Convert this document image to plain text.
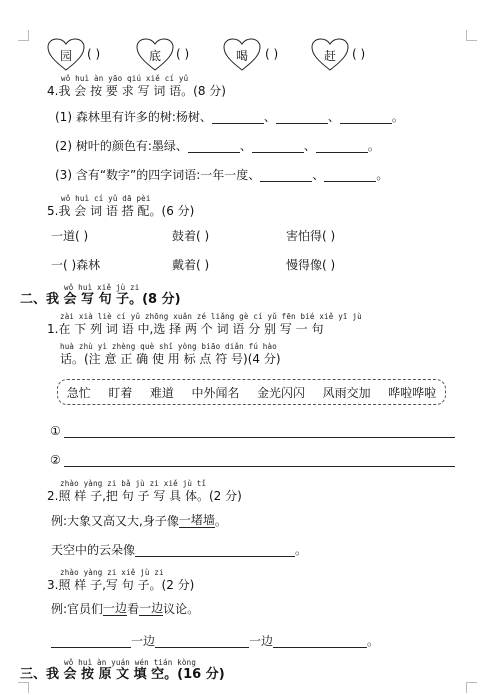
园	( )	底	( )	喝	( )	赶	( )
wǒ huì àn yāo qiú xiě cí yǔ
4.我 会 按 要 求 写 词 语。(8 分)
(1) 森林里有许多的树:杨树、	、	、	。
(2) 树叶的颜色有:墨绿、	、	、	。
(3) 含有“数字”的四字词语:一年一度、	、	。
wǒ huì cí yǔ dā pèi
5.我 会 词 语 搭 配。(6 分)
一道( )	鼓着( )	害怕得( )
一( )森林	戴着( )	慢得像( )
wǒ huì xiě jù zi
二、我 会 写 句 子。(8 分)
zài xià liè cí yǔ zhōng xuǎn zé liǎng gè cí yǔ fēn bié xiě yī jù
1.在 下 列 词 语 中,选 择 两 个 词 语 分 别 写 一 句
huà zhù yì zhèng què shǐ yòng biāo diǎn fú hào
话。(注 意 正 确 使 用 标 点 符 号)(4 分)
急忙 盯着 难道 中外闻名 金光闪闪 风雨交加 哗啦哗啦
①
②
zhào yàng zi bǎ jù zi xiě jù tǐ
2.照 样 子,把 句 子 写 具 体。(2 分)
例:大象又高又大,身子像 一堵墙 。
天空中的云朵像	。
zhào yàng zi xiě jù zi
3.照 样 子,写 句 子。(2 分)
例:官员们 一边 看 一边 议论。
一边	一边	。
wǒ huì àn yuán wén tián kòng
三、我 会 按 原 文 填 空。(16 分)
